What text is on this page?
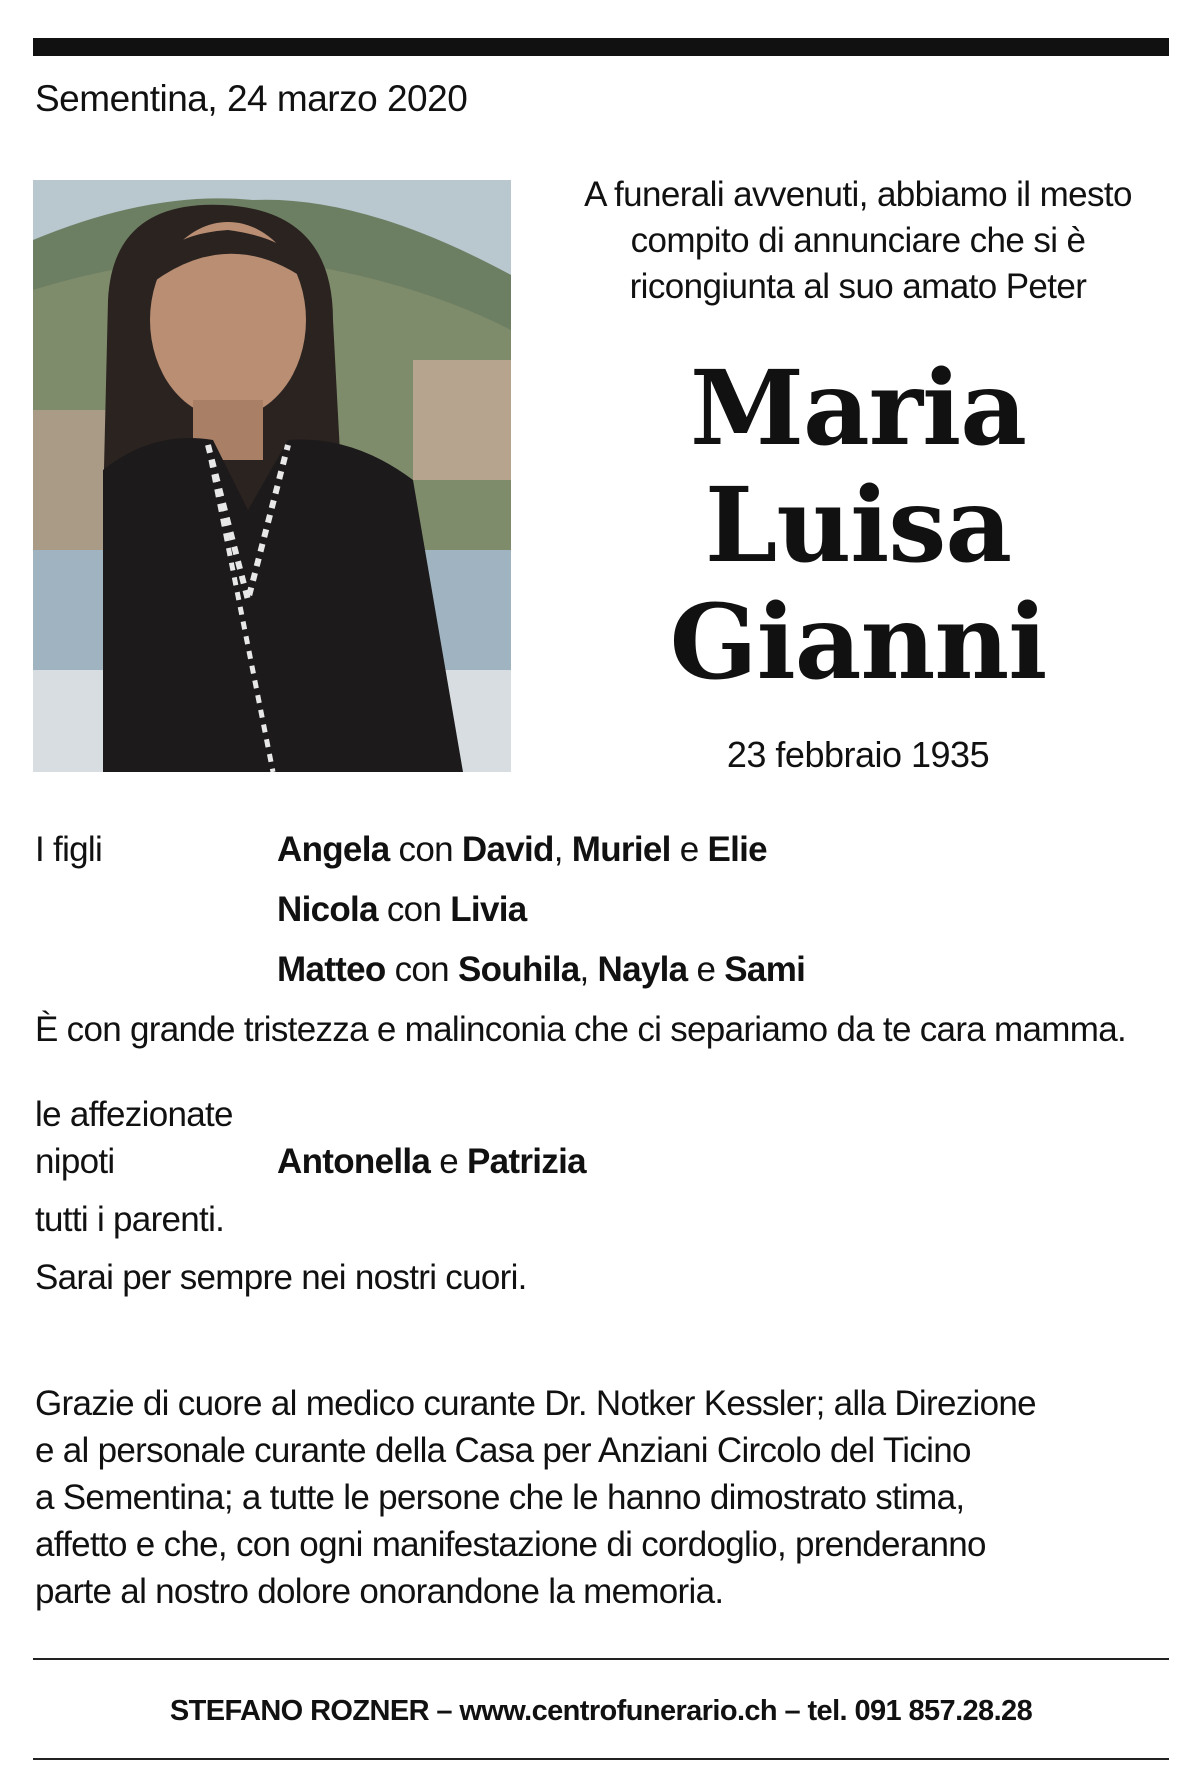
Sementina, 24 marzo 2020
A funerali avvenuti, abbiamo il mesto
compito di annunciare che si è
ricongiunta al suo amato Peter
Maria
Luisa
Gianni
23 febbraio 1935
I figli	Angela con David, Muriel e Elie
Nicola con Livia
Matteo con Souhila, Nayla e Sami
È con grande tristezza e malinconia che ci separiamo da te cara mamma.
le affezionate
nipoti	Antonella e Patrizia
tutti i parenti.
Sarai per sempre nei nostri cuori.
Grazie di cuore al medico curante Dr. Notker Kessler; alla Direzione
e al personale curante della Casa per Anziani Circolo del Ticino
a Sementina; a tutte le persone che le hanno dimostrato stima,
affetto e che, con ogni manifestazione di cordoglio, prenderanno
parte al nostro dolore onorandone la memoria.
STEFANO ROZNER – www.centrofunerario.ch – tel. 091 857.28.28
